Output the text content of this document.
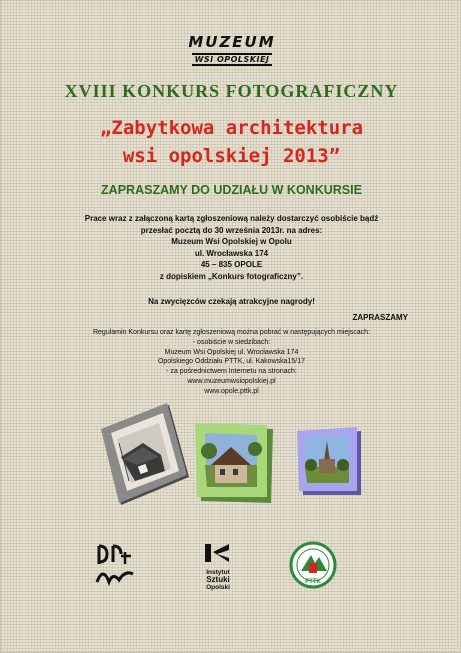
MUZEUM
WSI OPOLSKIEJ
XVIII KONKURS FOTOGRAFICZNY
„Zabytkowa architektura
wsi opolskiej 2013”
ZAPRASZAMY DO UDZIAŁU W KONKURSIE
Prace wraz z załączoną kartą zgłoszeniową należy dostarczyć osobiście bądź
przesłać pocztą do 30 września 2013r. na adres:
Muzeum Wsi Opolskiej w Opolu
ul. Wrocławska 174
45 – 835 OPOLE
z dopiskiem „Konkurs fotograficzny”.
Na zwycięzców czekają atrakcyjne nagrody!
ZAPRASZAMY
Regulamin Konkursu oraz kartę zgłoszeniową można pobrać w następujących miejscach:
- osobiście w siedzibach:
Muzeum Wsi Opolskiej ul. Wrocławska 174
Opolskiego Oddziału PTTK, ul. Kakowska15/17
- za pośrednictwem Internetu na stronach:
www.muzeumwsiopolskiej.pl
www.opole.pttk.pl
Instytut
Sztuki
Opolski
PTTK
